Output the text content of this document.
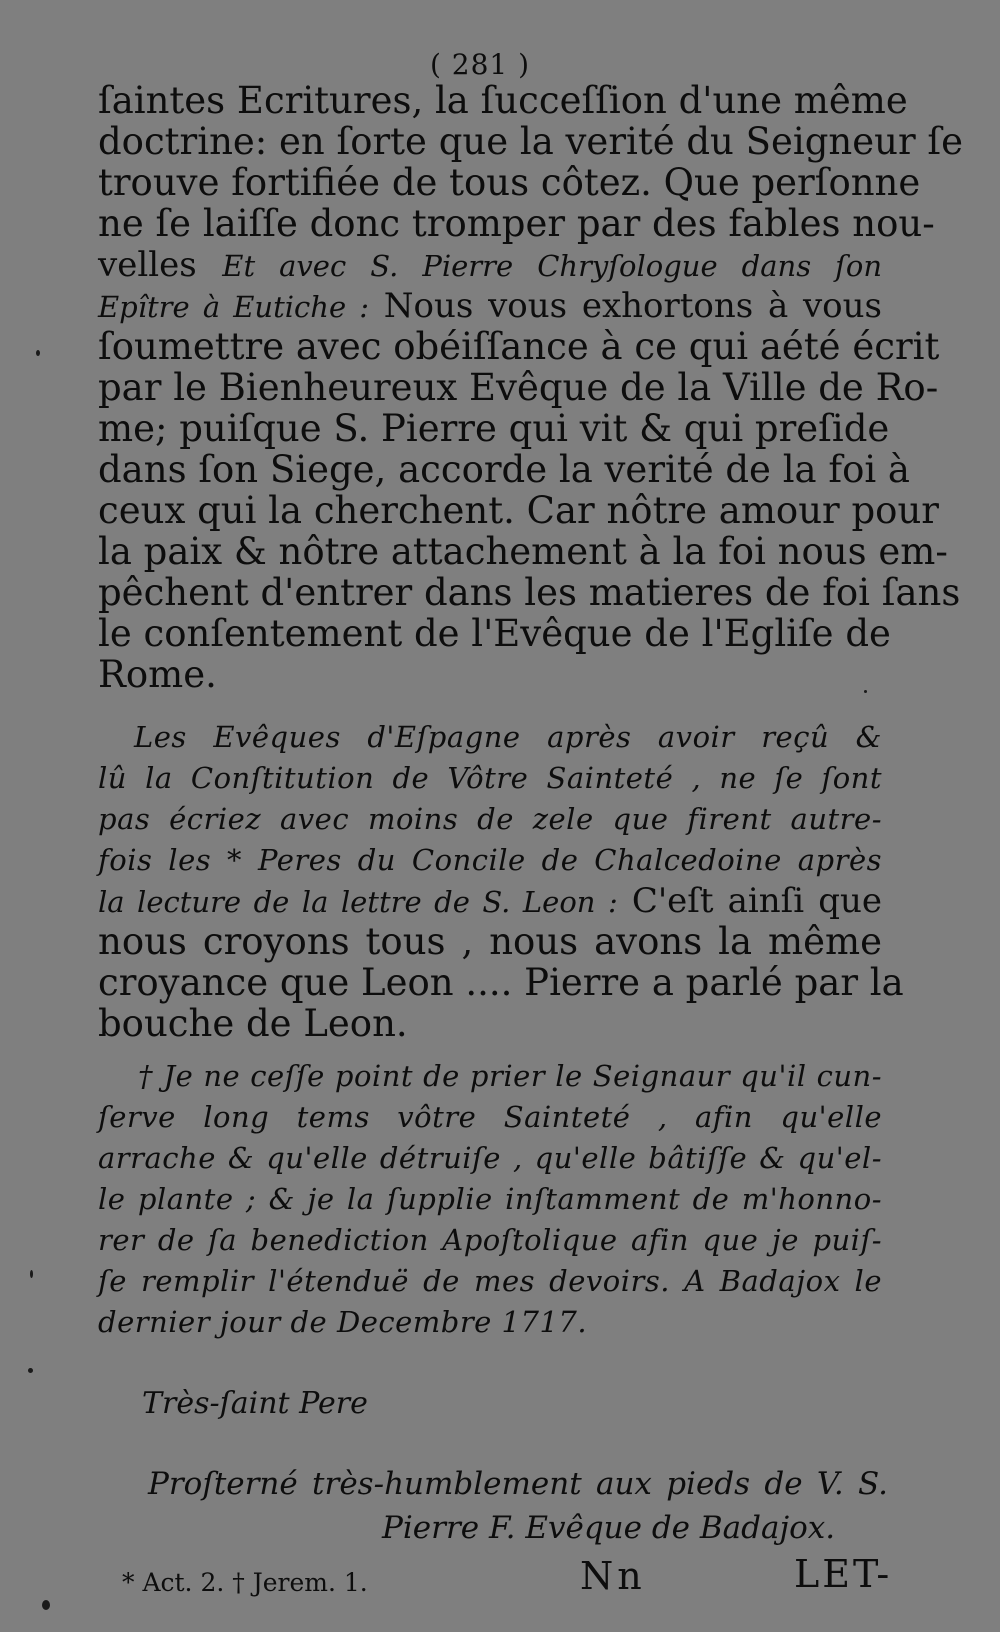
( 281 )
ſaintes Ecritures, la ſucceſſion d'une même
doctrine: en ſorte que la verité du Seigneur ſe
trouve fortifiée de tous côtez. Que perſonne
ne ſe laiſſe donc tromper par des fables nou-
velles Et avec S. Pierre Chryſologue dans ſon
Epître à Eutiche : Nous vous exhortons à vous
ſoumettre avec obéiſſance à ce qui aété écrit
par le Bienheureux Evêque de la Ville de Ro-
me; puiſque S. Pierre qui vit & qui preſide
dans ſon Siege, accorde la verité de la foi à
ceux qui la cherchent. Car nôtre amour pour
la paix & nôtre attachement à la foi nous em-
pêchent d'entrer dans les matieres de foi ſans
le conſentement de l'Evêque de l'Egliſe de
Rome.
Les Evêques d'Eſpagne après avoir reçû &
lû la Conſtitution de Vôtre Sainteté , ne ſe ſont
pas écriez avec moins de zele que firent autre-
fois les * Peres du Concile de Chalcedoine après
la lecture de la lettre de S. Leon : C'eſt ainſi que
nous croyons tous , nous avons la même
croyance que Leon .... Pierre a parlé par la
bouche de Leon.
† Je ne ceſſe point de prier le Seignaur qu'il cun-
ſerve long tems vôtre Sainteté , afin qu'elle
arrache & qu'elle détruiſe , qu'elle bâtiſſe & qu'el-
le plante ; & je la ſupplie inſtamment de m'honno-
rer de ſa benediction Apoſtolique afin que je puiſ-
ſe remplir l'étenduë de mes devoirs. A Badajox le
dernier jour de Decembre 1717.
Très-ſaint Pere
Proſterné très-humblement aux pieds de V. S.
Pierre F. Evêque de Badajox.
* Act. 2. † Jerem. 1.	Nn	LET-
